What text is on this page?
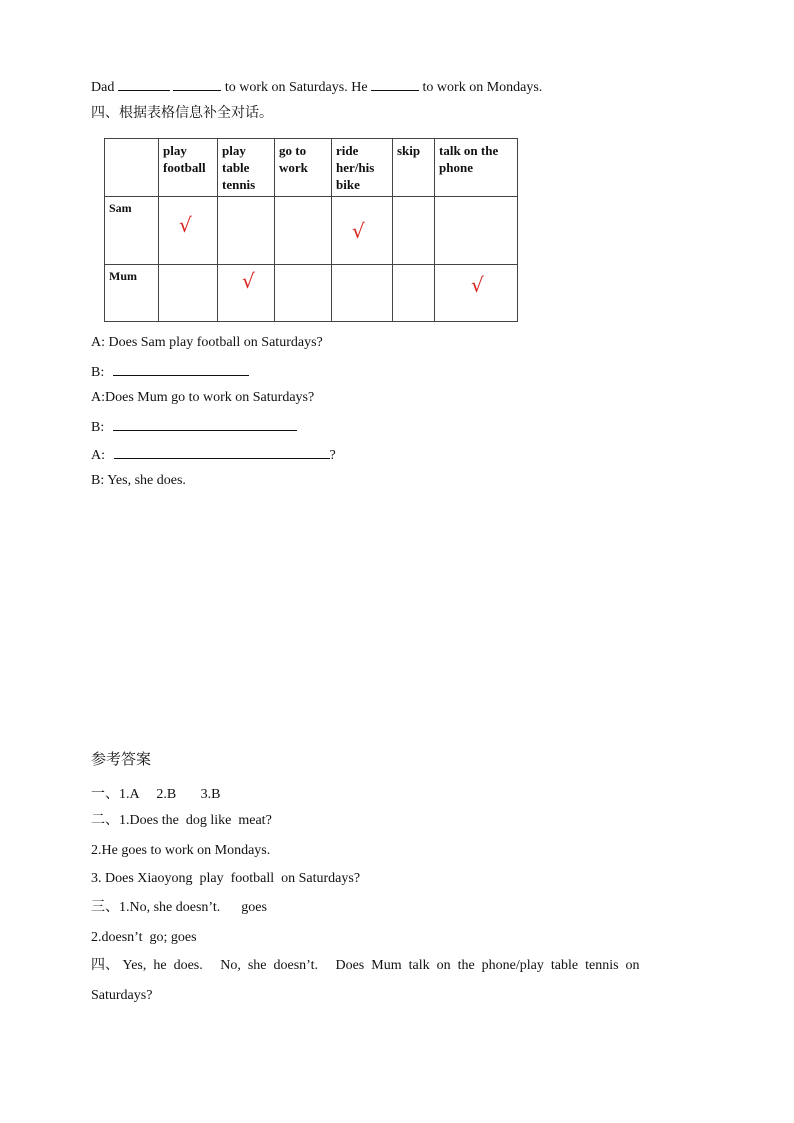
Dad	to work on Saturdays. He	to work on Mondays.
四、根据表格信息补全对话。
	play football	play table tennis	go to work	ride her/his bike	skip	talk on the phone
Sam	√			√		

Mum		√				√
A: Does Sam play football on Saturdays?
B:
A:Does Mum go to work on Saturdays?
B:
A:	?
B: Yes, she does.
参考答案
一、1.A     2.B       3.B
二、1.Does the  dog like  meat?
2.He goes to work on Mondays.
3. Does Xiaoyong  play  football  on Saturdays?
三、1.No, she doesn’t.      goes
2.doesn’t  go; goes
四、 Yes,  he  does.     No,  she  doesn’t.     Does  Mum  talk  on  the  phone/play  table  tennis  on
Saturdays?
